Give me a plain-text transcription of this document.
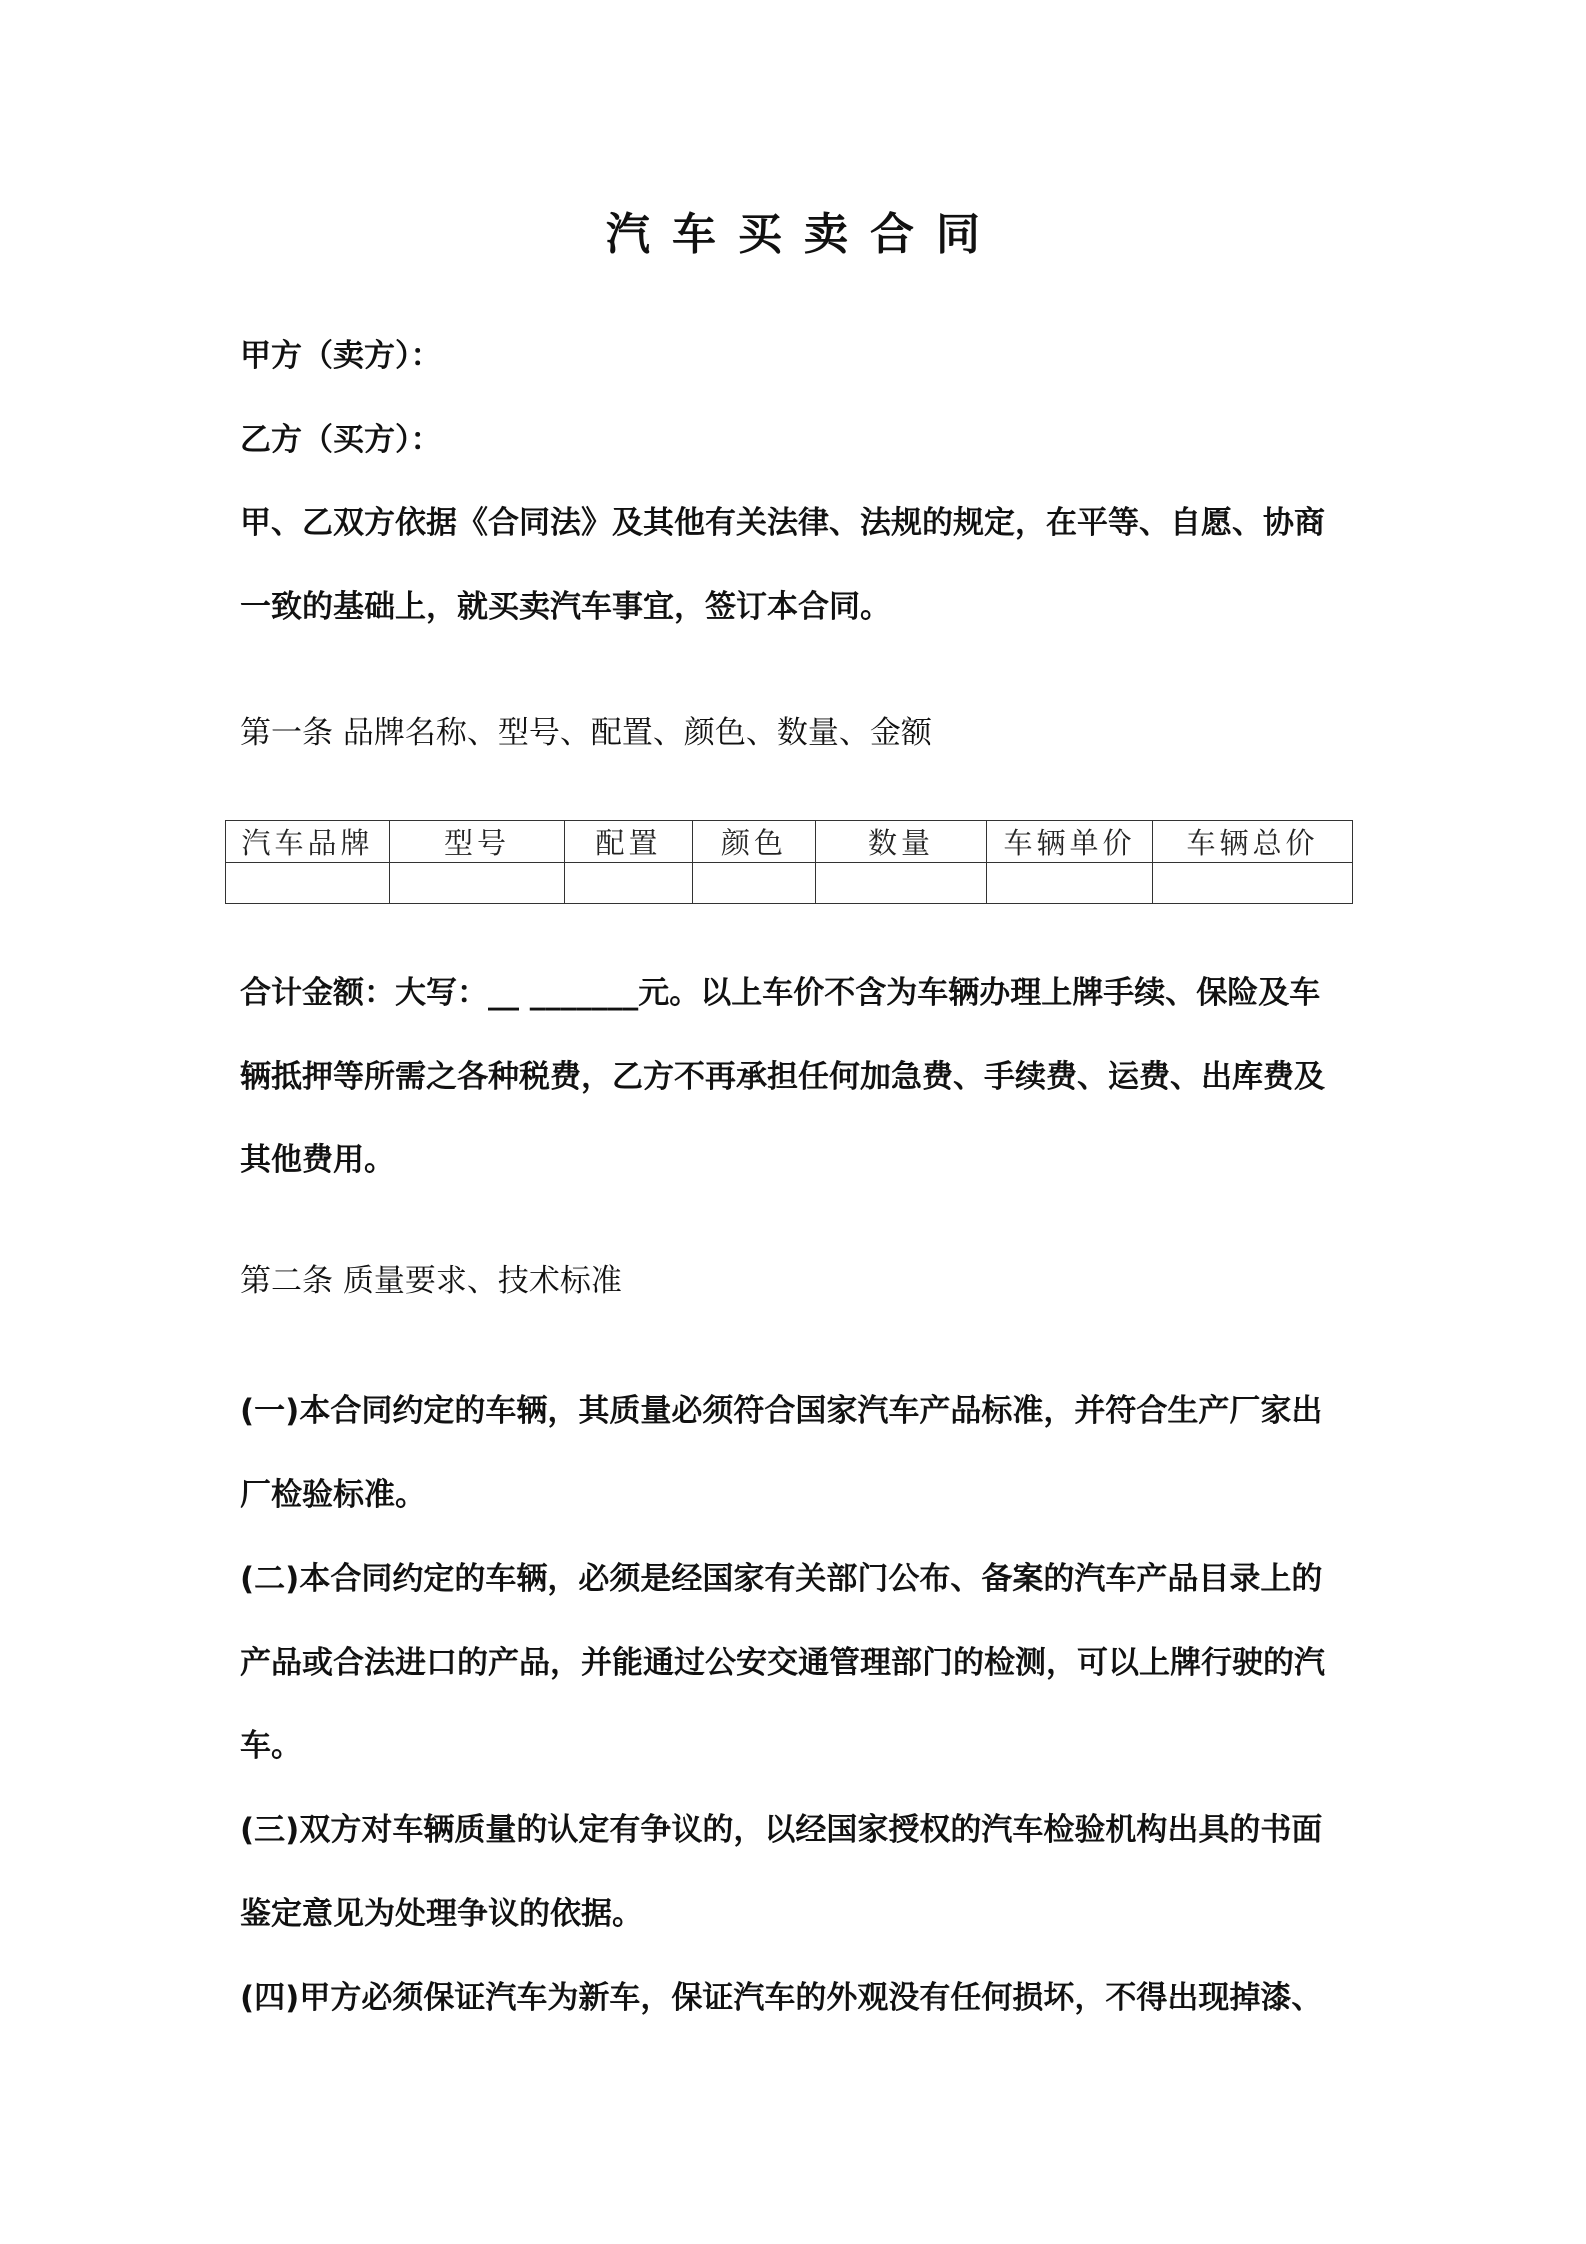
汽车买卖合同
甲方（卖方）：
乙方（买方）：
甲、乙双方依据《合同法》及其他有关法律、法规的规定，在平等、自愿、协商
一致的基础上，就买卖汽车事宜，签订本合同。
第一条 品牌名称、型号、配置、颜色、数量、金额
汽车品牌	型号	配置	颜色	数量	车辆单价	车辆总价

合计金额：大写：__ _______元。以上车价不含为车辆办理上牌手续、保险及车
辆抵押等所需之各种税费，乙方不再承担任何加急费、手续费、运费、出库费及
其他费用。
第二条 质量要求、技术标准
(一)本合同约定的车辆，其质量必须符合国家汽车产品标准，并符合生产厂家出
厂检验标准。
(二)本合同约定的车辆，必须是经国家有关部门公布、备案的汽车产品目录上的
产品或合法进口的产品，并能通过公安交通管理部门的检测，可以上牌行驶的汽
车。
(三)双方对车辆质量的认定有争议的，以经国家授权的汽车检验机构出具的书面
鉴定意见为处理争议的依据。
(四)甲方必须保证汽车为新车，保证汽车的外观没有任何损坏，不得出现掉漆、
